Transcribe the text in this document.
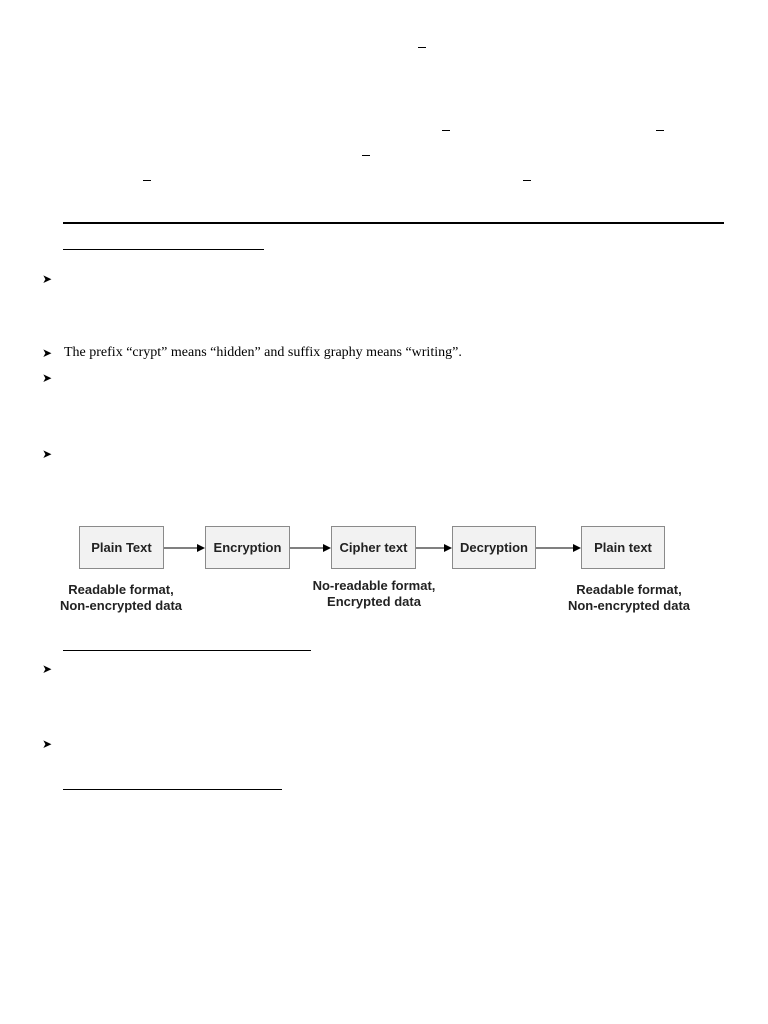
➤
➤ The prefix “crypt” means “hidden” and suffix graphy means “writing”.
➤
➤
Plain Text	Encryption	Cipher text	Decryption	Plain text
Readable format,
Non-encrypted data
No-readable format,
Encrypted data
Readable format,
Non-encrypted data
➤
➤
